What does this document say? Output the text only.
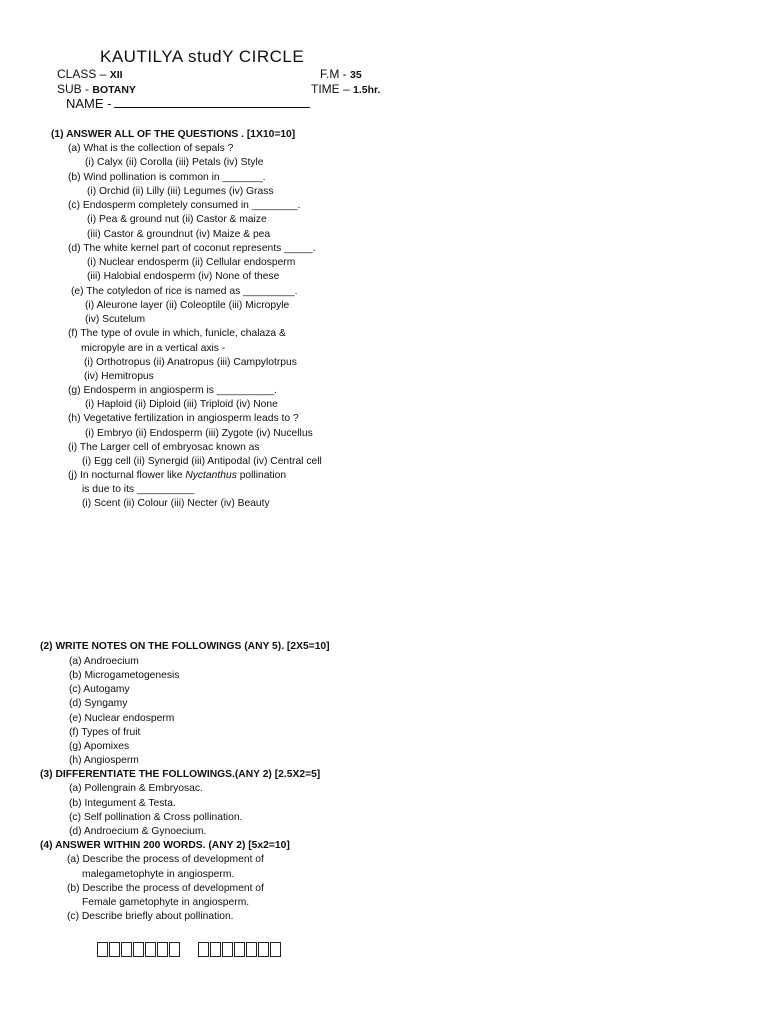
KAUTILYA studY CIRCLE
CLASS – XII	F.M - 35
SUB - BOTANY	TIME – 1.5hr.
NAME -
(1) ANSWER ALL OF THE QUESTIONS . [1X10=10]
(a) What is the collection of sepals ?
(i) Calyx (ii) Corolla (iii) Petals (iv) Style
(b) Wind pollination is common in _______.
(i) Orchid (ii) Lilly (iii) Legumes (iv) Grass
(c) Endosperm completely consumed in ________.
(i) Pea & ground nut (ii) Castor & maize
(iii) Castor & groundnut (iv) Maize & pea
(d) The white kernel part of coconut represents _____.
(i) Nuclear endosperm (ii) Cellular endosperm
(iii) Halobial endosperm (iv) None of these
(e) The cotyledon of rice is named as _________.
(i) Aleurone layer (ii) Coleoptile (iii) Micropyle
(iv) Scutelum
(f) The type of ovule in which, funicle, chalaza &
micropyle are in a vertical axis -
(i) Orthotropus (ii) Anatropus (iii) Campylotrpus
(iv) Hemitropus
(g) Endosperm in angiosperm is __________.
(i) Haploid (ii) Diploid (iii) Triploid (iv) None
(h) Vegetative fertilization in angiosperm leads to ?
(i) Embryo (ii) Endosperm (iii) Zygote (iv) Nucellus
(i) The Larger cell of embryosac known as
(i) Egg cell (ii) Synergid (iii) Antipodal (iv) Central cell
(j) In nocturnal flower like Nyctanthus pollination
is due to its __________
(i) Scent (ii) Colour (iii) Necter (iv) Beauty
(2) WRITE NOTES ON THE FOLLOWINGS (ANY 5). [2X5=10]
(a) Androecium
(b) Microgametogenesis
(c) Autogamy
(d) Syngamy
(e) Nuclear endosperm
(f) Types of fruit
(g) Apomixes
(h) Angiosperm
(3) DIFFERENTIATE THE FOLLOWINGS.(ANY 2) [2.5X2=5]
(a) Pollengrain & Embryosac.
(b) Integument & Testa.
(c) Self pollination & Cross pollination.
(d) Androecium & Gynoecium.
(4) ANSWER WITHIN 200 WORDS. (ANY 2) [5x2=10]
(a) Describe the process of development of
malegametophyte in angiosperm.
(b) Describe the process of development of
Female gametophyte in angiosperm.
(c) Describe briefly about pollination.
